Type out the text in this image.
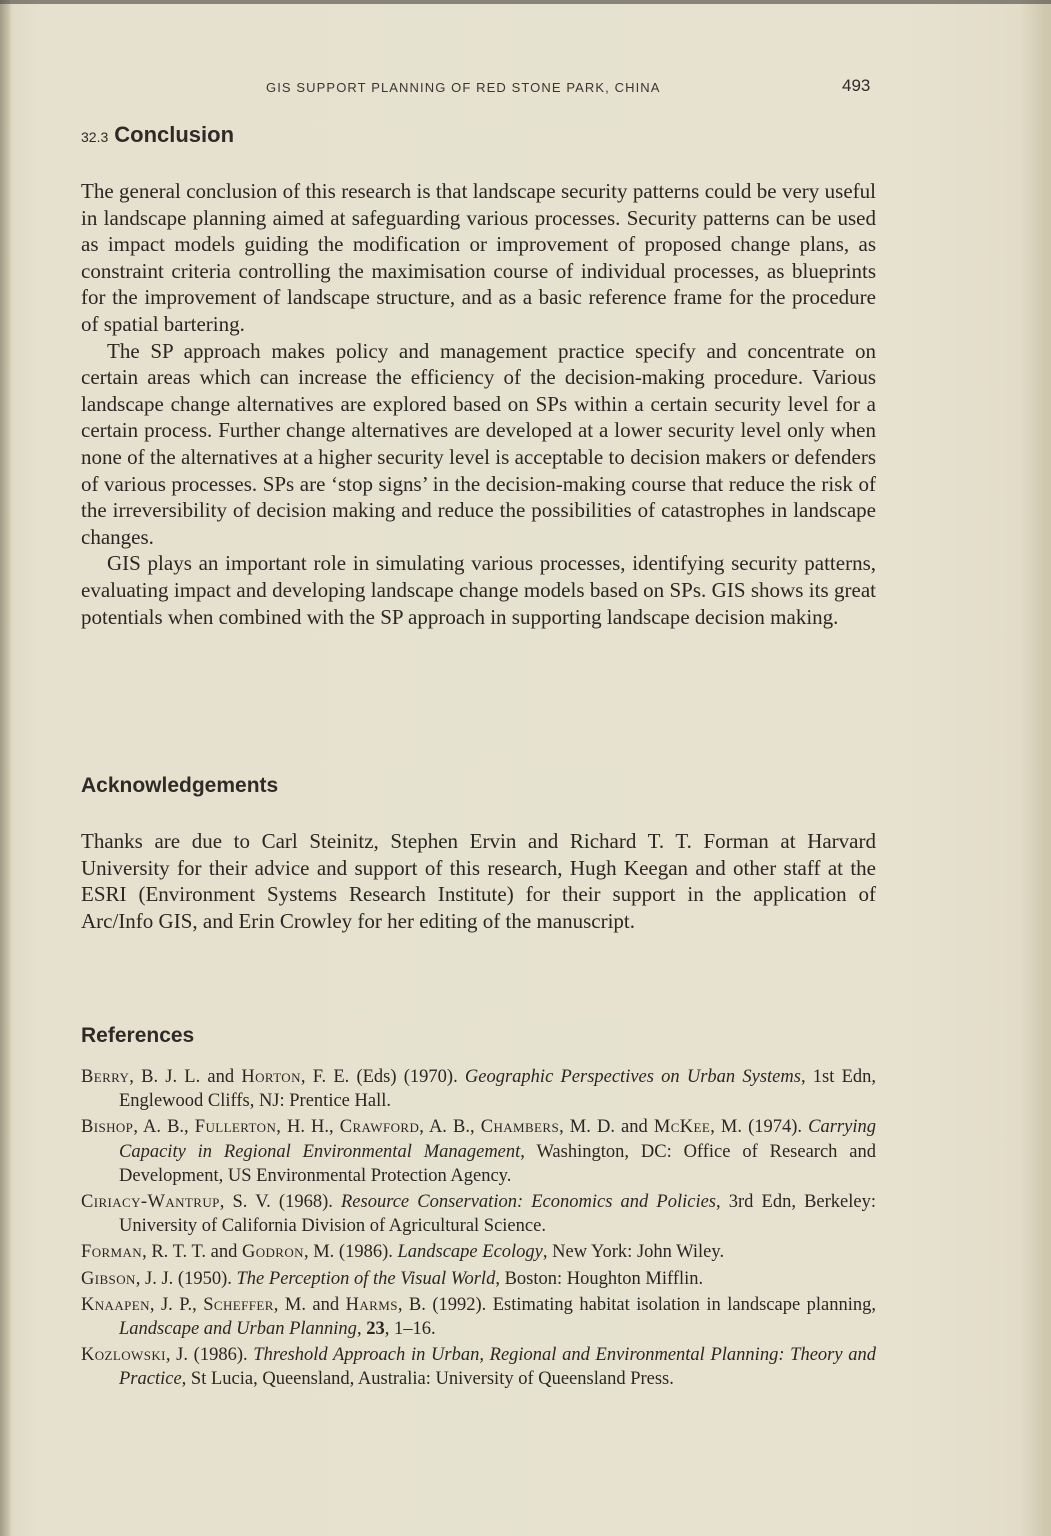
GIS SUPPORT PLANNING OF RED STONE PARK, CHINA	493
32.3 Conclusion

The general conclusion of this research is that landscape security patterns could be very useful in landscape planning aimed at safeguarding various processes. Security patterns can be used as impact models guiding the modification or improvement of proposed change plans, as constraint criteria controlling the maximisation course of individual processes, as blueprints for the improvement of landscape structure, and as a basic reference frame for the procedure of spatial bartering.

The SP approach makes policy and management practice specify and concentrate on certain areas which can increase the efficiency of the decision-making procedure. Various landscape change alternatives are explored based on SPs within a certain security level for a certain process. Further change alternatives are developed at a lower security level only when none of the alternatives at a higher security level is acceptable to decision makers or defenders of various processes. SPs are ‘stop signs’ in the decision-making course that reduce the risk of the irreversibility of decision making and reduce the possibilities of catastrophes in landscape changes.

GIS plays an important role in simulating various processes, identifying security patterns, evaluating impact and developing landscape change models based on SPs. GIS shows its great potentials when combined with the SP approach in supporting landscape decision making.

Acknowledgements

Thanks are due to Carl Steinitz, Stephen Ervin and Richard T. T. Forman at Harvard University for their advice and support of this research, Hugh Keegan and other staff at the ESRI (Environment Systems Research Institute) for their support in the application of Arc/Info GIS, and Erin Crowley for her editing of the manuscript.

References
Berry, B. J. L. and Horton, F. E. (Eds) (1970). Geographic Perspectives on Urban Systems, 1st Edn, Englewood Cliffs, NJ: Prentice Hall.
Bishop, A. B., Fullerton, H. H., Crawford, A. B., Chambers, M. D. and McKee, M. (1974). Carrying Capacity in Regional Environmental Management, Washington, DC: Office of Research and Development, US Environmental Protection Agency.
Ciriacy-Wantrup, S. V. (1968). Resource Conservation: Economics and Policies, 3rd Edn, Berkeley: University of California Division of Agricultural Science.
Forman, R. T. T. and Godron, M. (1986). Landscape Ecology, New York: John Wiley.
Gibson, J. J. (1950). The Perception of the Visual World, Boston: Houghton Mifflin.
Knaapen, J. P., Scheffer, M. and Harms, B. (1992). Estimating habitat isolation in landscape planning, Landscape and Urban Planning, 23, 1–16.
Kozlowski, J. (1986). Threshold Approach in Urban, Regional and Environmental Planning: Theory and Practice, St Lucia, Queensland, Australia: University of Queensland Press.
